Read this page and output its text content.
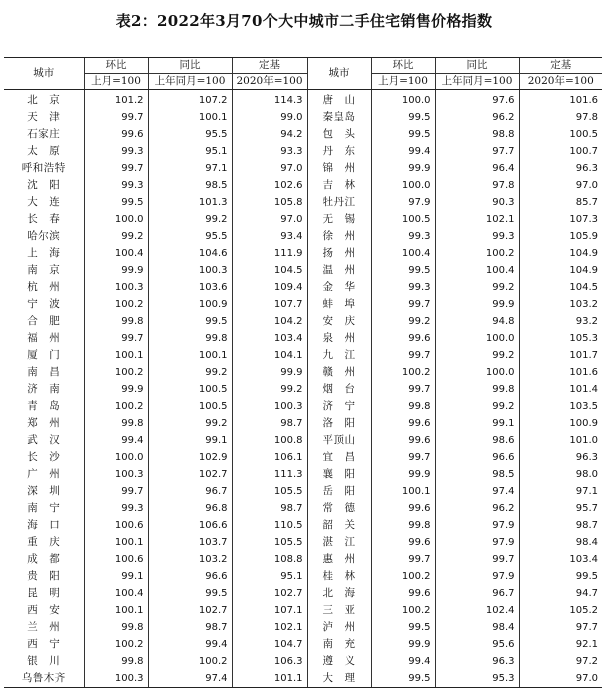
表2：2022年3月70个大中城市二手住宅销售价格指数
城市	环比	同比	定基	城市	环比	同比	定基
	上月=100	上年同月=100	2020年=100		上月=100	上年同月=100	2020年=100
北　京	101.2	107.2	114.3	唐　山	100.0	97.6	101.6
天　津	99.7	100.1	99.0	秦皇岛	99.5	96.2	97.8
石家庄	99.6	95.5	94.2	包　头	99.5	98.8	100.5
太　原	99.3	95.1	93.3	丹　东	99.4	97.7	100.7
呼和浩特	99.7	97.1	97.0	锦　州	99.9	96.4	96.3
沈　阳	99.3	98.5	102.6	吉　林	100.0	97.8	97.0
大　连	99.5	101.3	105.8	牡丹江	97.9	90.3	85.7
长　春	100.0	99.2	97.0	无　锡	100.5	102.1	107.3
哈尔滨	99.2	95.5	93.4	徐　州	99.3	99.3	105.9
上　海	100.4	104.6	111.9	扬　州	100.4	100.2	104.9
南　京	99.9	100.3	104.5	温　州	99.5	100.4	104.9
杭　州	100.3	103.6	109.4	金　华	99.3	99.2	104.5
宁　波	100.2	100.9	107.7	蚌　埠	99.7	99.9	103.2
合　肥	99.8	99.5	104.2	安　庆	99.2	94.8	93.2
福　州	99.7	99.8	103.4	泉　州	99.6	100.0	105.3
厦　门	100.1	100.1	104.1	九　江	99.7	99.2	101.7
南　昌	100.2	99.2	99.9	赣　州	100.2	100.0	101.6
济　南	99.9	100.5	99.2	烟　台	99.7	99.8	101.4
青　岛	100.2	100.5	100.3	济　宁	99.8	99.2	103.5
郑　州	99.8	99.2	98.7	洛　阳	99.6	99.1	100.9
武　汉	99.4	99.1	100.8	平顶山	99.6	98.6	101.0
长　沙	100.0	102.9	106.1	宜　昌	99.7	96.6	96.3
广　州	100.3	102.7	111.3	襄　阳	99.9	98.5	98.0
深　圳	99.7	96.7	105.5	岳　阳	100.1	97.4	97.1
南　宁	99.3	96.8	98.7	常　德	99.6	96.2	95.7
海　口	100.6	106.6	110.5	韶　关	99.8	97.9	98.7
重　庆	100.1	103.7	105.5	湛　江	99.6	97.9	98.4
成　都	100.6	103.2	108.8	惠　州	99.7	99.7	103.4
贵　阳	99.1	96.6	95.1	桂　林	100.2	97.9	99.5
昆　明	100.4	99.5	102.7	北　海	99.6	96.7	94.7
西　安	100.1	102.7	107.1	三　亚	100.2	102.4	105.2
兰　州	99.8	98.7	102.1	泸　州	99.5	98.4	97.7
西　宁	100.2	99.4	104.7	南　充	99.9	95.6	92.1
银　川	99.8	100.2	106.3	遵　义	99.4	96.3	97.2
乌鲁木齐	100.3	97.4	101.1	大　理	99.5	95.3	97.0
